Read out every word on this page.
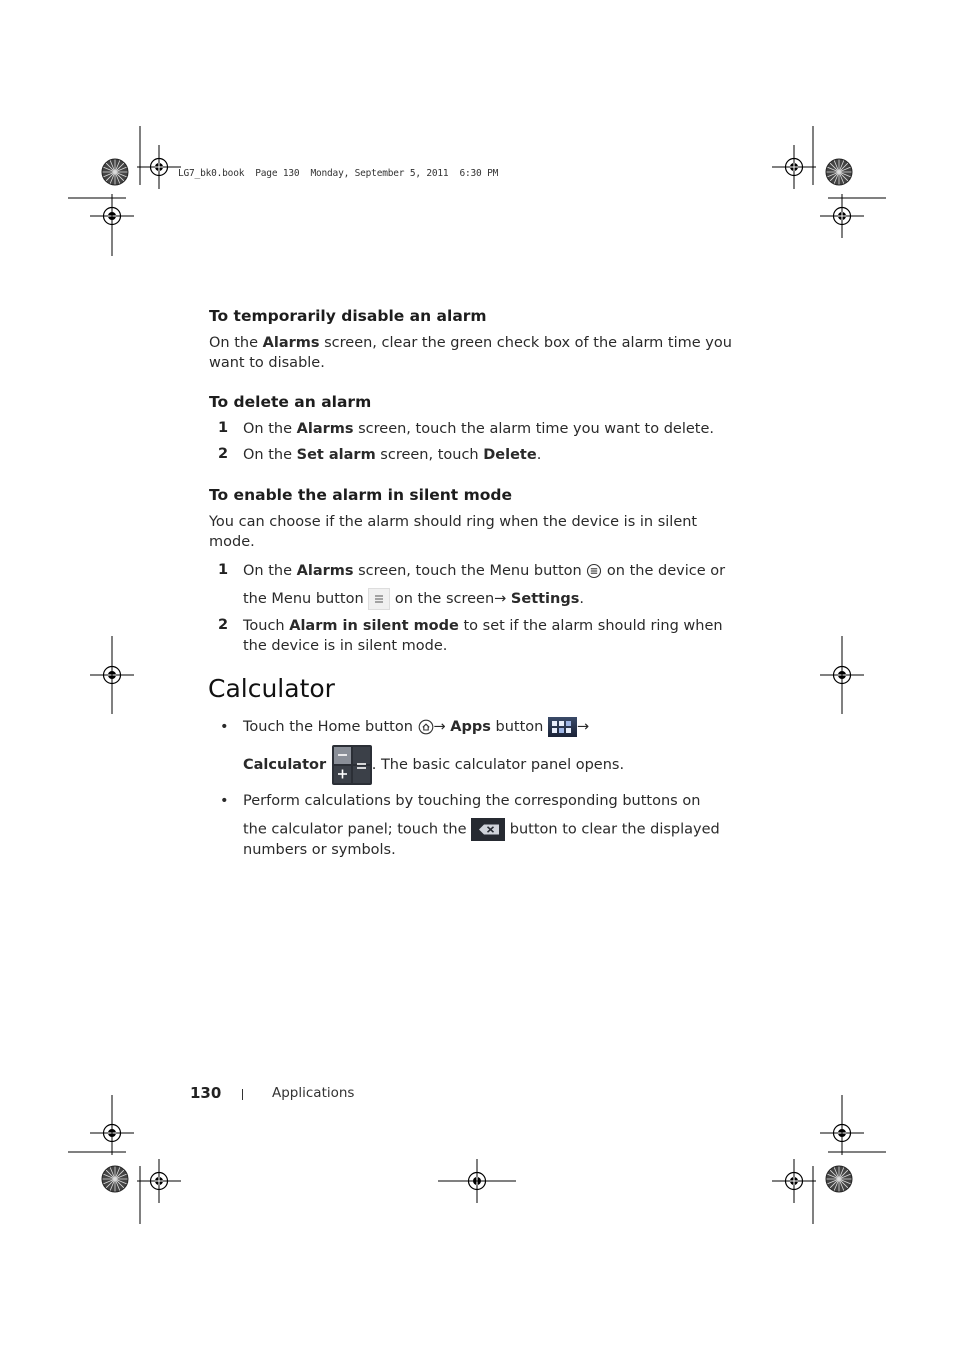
LG7_bk0.book  Page 130  Monday, September 5, 2011  6:30 PM
To temporarily disable an alarm
On the Alarms screen, clear the green check box of the alarm time you
want to disable.
To delete an alarm
1 On the Alarms screen, touch the alarm time you want to delete.
2 On the Set alarm screen, touch Delete.
To enable the alarm in silent mode
You can choose if the alarm should ring when the device is in silent
mode.
1 On the Alarms screen, touch the Menu button  on the device or
the Menu button  on the screen→ Settings.
2 Touch Alarm in silent mode to set if the alarm should ring when
the device is in silent mode.
Calculator
• Touch the Home button → Apps button →
Calculator	. The basic calculator panel opens.
• Perform calculations by touching the corresponding buttons on
the calculator panel; touch the  button to clear the displayed
numbers or symbols.
130	Applications
